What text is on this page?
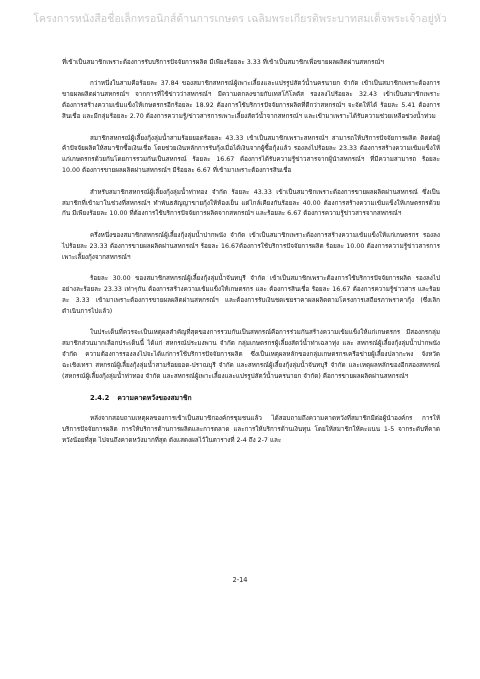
โครงการหนังสือชื่อเล็กทรอนิกส์ด้านการเกษตร เฉลิมพระเกียรติพระบาทสมเด็จพระเจ้าอยู่หัว

ที่เข้าเป็นสมาชิกเพราะต้องการรับบริการปัจจัยการผลิต มีเพียงร้อยละ 3.33 ที่เข้าเป็นสมาชิกเพื่อขายผลผลิตผ่านสหกรณ์ฯ

กว่าหนึ่งในสามคือร้อยละ 37.84 ของสมาชิกสหกรณ์ผู้เพาะเลี้ยงและแปรรูปสัตว์น้ำนครนายก จำกัด เข้าเป็นสมาชิกเพราะต้องการขายผลผลิตผ่านสหกรณ์ฯ จากการที่ใช้ข่าวว่าสหกรณ์ฯ มีความตกลงขายกับเทสโก้โลตัส รองลงไปร้อยละ 32.43 เข้าเป็นสมาชิกเพราะต้องการสร้างความเข้มแข็งให้เกษตรกรอีกร้อยละ 18.92 ต้องการใช้บริการปัจจัยการผลิตที่ดีกว่าสหกรณ์ฯ จะจัดให้ได้ ร้อยละ 5.41 ต้องการสินเชื่อ และมีกลุ่มร้อยละ 2.70 ต้องการความรู้/ข่าวสารการเพาะเลี้ยงสัตว์น้ำจากสหกรณ์ฯ และเข้ามาเพราะได้รับความช่วยเหลือช่วงน้ำท่วม

สมาชิกสหกรณ์ผู้เลี้ยงกุ้งลุ่มน้ำสามร้อยยอดร้อยละ 43.33 เข้าเป็นสมาชิกเพราะสหกรณ์ฯ สามารถให้บริการปัจจัยการผลิต ติดต่อผู้ค้าปัจจัยผลิตให้สมาชิกซื้อเงินเชื่อ โดยช่วยเงินหลักการรับกุ้งเมื่อได้เงินจากผู้ซื้อกุ้งแล้ว รองลงไปร้อยละ 23.33 ต้องการสร้างความเข้มแข็งให้แก่เกษตรกรด้วยกันโดยการรวมกันเป็นสหกรณ์ ร้อยละ 16.67 ต้องการได้รับความรู้ข่าวสารจากผู้นำสหกรณ์ฯ ที่มีความสามารถ ร้อยละ 10.00 ต้องการขายผลผลิตผ่านสหกรณ์ฯ มีร้อยละ 6.67 ที่เข้ามาเพราะต้องการสินเชื่อ

สำหรับสมาชิกสหกรณ์ผู้เลี้ยงกุ้งลุ่มน้ำท่าทอง จำกัด ร้อยละ 43.33 เข้าเป็นสมาชิกเพราะต้องการขายผลผลิตผ่านสหกรณ์ ซึ่งเป็นสมาชิกที่เข้ามาในช่วงที่สหกรณ์ฯ ทำพันธสัญญาขายกุ้งให้ห้องเย็น แต่ไกล์เคียงกันร้อยละ 40.00 ต้องการสร้างความเข้มแข็งให้เกษตรกรด้วยกัน มีเพียงร้อยละ 10.00 ที่ต้องการใช้บริการปัจจัยการผลิตจากสหกรณ์ฯ และร้อยละ 6.67 ต้องการความรู้ข่าวสารจากสหกรณ์ฯ

ครึ่งหนึ่งของสมาชิกสหกรณ์ผู้เลี้ยงกุ้งลุ่มน้ำปากพนัง จำกัด เข้าเป็นสมาชิกเพราะต้องการสร้างความเข้มแข็งให้แก่เกษตรกร รองลงไปร้อยละ 23.33 ต้องการขายผลผลิตผ่านสหกรณ์ฯ ร้อยละ 16.67ต้องการใช้บริการปัจจัยการผลิต ร้อยละ 10.00 ต้องการความรู้ข่าวสารการเพาะเลี้ยงกุ้งจากสหกรณ์ฯ

ร้อยละ 30.00 ของสมาชิกสหกรณ์ผู้เลี้ยงกุ้งลุ่มน้ำจันทบุรี จำกัด เข้าเป็นสมาชิกเพราะต้องการใช้บริการปัจจัยการผลิต รองลงไปอย่างละร้อยละ 23.33 เท่าๆกัน ต้องการสร้างความเข้มแข็งให้เกษตรกร และ ต้องการสินเชื่อ ร้อยละ 16.67 ต้องการความรู้ข่าวสาร และร้อยละ 3.33 เข้ามาเพราะต้องการขายผลผลิตผ่านสหกรณ์ฯ และต้องการรับเงินชดเชยราคาผลผลิตตามโครงการเสถียรภาพราคากุ้ง (ซึ่งเลิกดำเนินการไปแล้ว)

ในประเด็นที่ควรจะเป็นเหตุผลสำคัญที่สุดของการรวมกันเป็นสหกรณ์คือการร่วมกันสร้างความเข้มแข็งให้แก่เกษตรกร มีสองกรกลุ่มสมาชิกส่วนมากเลือกประเด็นนี้ ได้แก่ สหกรณ์ประมงพาน จำกัด กลุ่มเกษตรกรผู้เลี้ยงสัตว์น้ำท่าเฉลาทุ่ง และ สหกรณ์ผู้เลี้ยงกุ้งลุ่มน้ำปากพนัง จำกัด ความต้องการรองลงไปจะได้แก่การใช้บริการปัจจัยการผลิต ซึ่งเป็นเหตุผลหลักของกลุ่มเกษตรกรเครือข่ายผู้เลี้ยงปลากะพง จังหวัดฉะเชิงเทรา สหกรณ์ผู้เลี้ยงกุ้งลุ่มน้ำสามร้อยยอด-ปราณบุรี จำกัด และสหกรณ์ผู้เลี้ยงกุ้งลุ่มน้ำจันทบุรี จำกัด และเหตุผลหลักของอีกสองสหกรณ์ (สหกรณ์ผู้เลี้ยงกุ้งลุ่มน้ำท่าทอง จำกัด และสหกรณ์ผู้เพาะเลี้ยงและแปรรูปสัตว์น้ำนครนายก จำกัด) คือการขายผลผลิตผ่านสหกรณ์ฯ

2.4.2 ความคาดหวังของสมาชิก

หลังจากสอบถามเหตุผลของการเข้าเป็นสมาชิกองค์กรชุมชนแล้ว ได้สอบถามถึงความคาดหวังที่สมาชิกมีต่อผู้นำองค์กร การให้บริการปัจจัยการผลิต การให้บริการด้านการผลิตและการตลาด และการให้บริการด้านเงินทุน โดยให้สมาชิกให้คะแนน 1-5 จากระดับที่คาดหวังน้อยที่สุด ไปจนถึงคาดหวังมากที่สุด ดังแสดงผลไว้ในตารางที่ 2-4 ถึง 2-7 และ

2-14
